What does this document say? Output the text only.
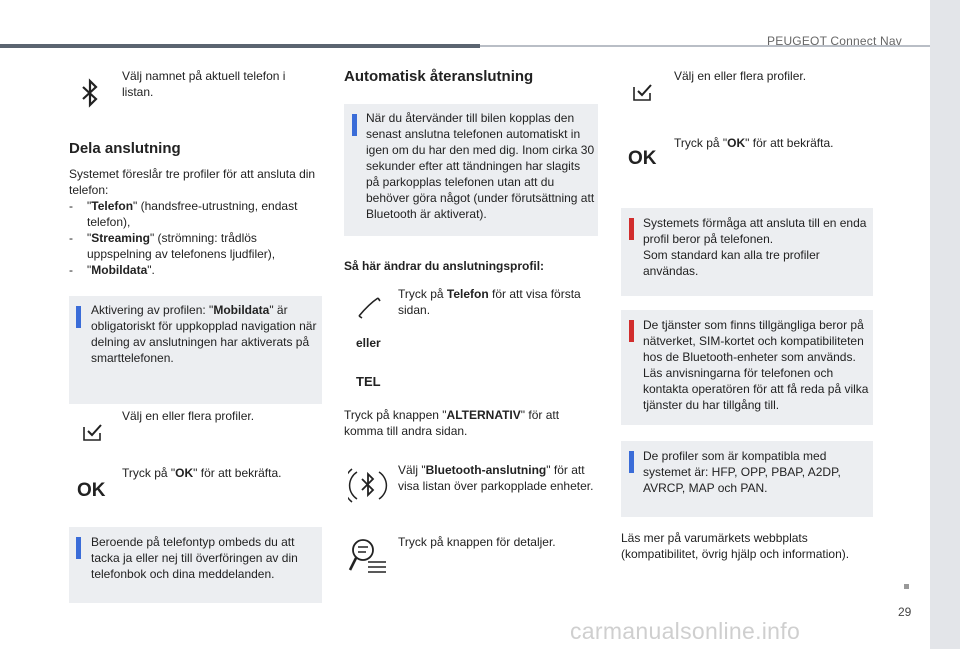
PEUGEOT Connect Nav
29
carmanualsonline.info

Välj namnet på aktuell telefon i listan.

Dela anslutning
Systemet föreslår tre profiler för att ansluta din telefon:
- "Telefon" (handsfree-utrustning, endast telefon),
- "Streaming" (strömning: trådlös uppspelning av telefonens ljudfiler),
- "Mobildata".

Aktivering av profilen: "Mobildata" är obligatoriskt för uppkopplad navigation när delning av anslutningen har aktiverats på smarttelefonen.

Välj en eller flera profiler.

OK

Tryck på "OK" för att bekräfta.

Beroende på telefontyp ombeds du att tacka ja eller nej till överföringen av din telefonbok och dina meddelanden.

Automatisk återanslutning

När du återvänder till bilen kopplas den senast anslutna telefonen automatiskt in igen om du har den med dig. Inom cirka 30 sekunder efter att tändningen har slagits på parkopplas telefonen utan att du behöver göra något (under förutsättning att Bluetooth är aktiverat).

Så här ändrar du anslutningsprofil:

Tryck på Telefon för att visa första sidan.

eller
TEL

Tryck på knappen "ALTERNATIV" för att komma till andra sidan.

Välj "Bluetooth-anslutning" för att visa listan över parkopplade enheter.

Tryck på knappen för detaljer.

Välj en eller flera profiler.

OK

Tryck på "OK" för att bekräfta.

Systemets förmåga att ansluta till en enda profil beror på telefonen.
Som standard kan alla tre profiler användas.

De tjänster som finns tillgängliga beror på nätverket, SIM-kortet och kompatibiliteten hos de Bluetooth-enheter som används. Läs anvisningarna för telefonen och kontakta operatören för att få reda på vilka tjänster du har tillgång till.

De profiler som är kompatibla med systemet är: HFP, OPP, PBAP, A2DP, AVRCP, MAP och PAN.

Läs mer på varumärkets webbplats (kompatibilitet, övrig hjälp och information).
